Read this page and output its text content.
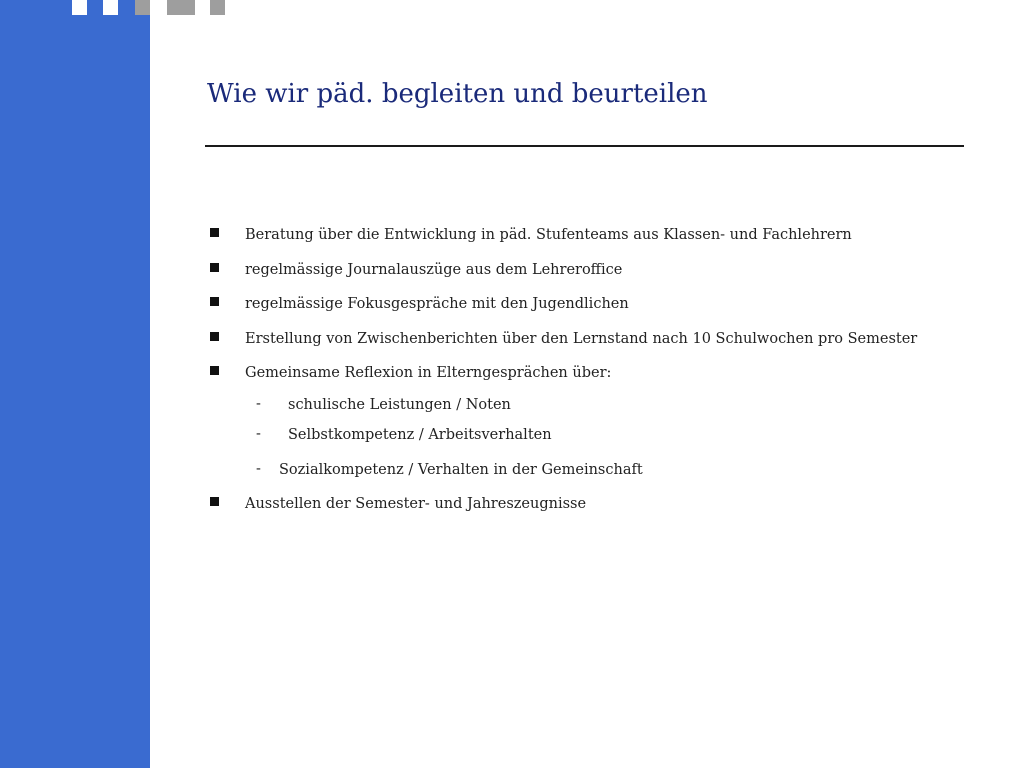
Wie wir päd. begleiten und beurteilen
Beratung über die Entwicklung in päd. Stufenteams aus Klassen- und Fachlehrern
regelmässige Journalauszüge aus dem Lehreroffice
regelmässige Fokusgespräche mit den Jugendlichen
Erstellung von Zwischenberichten über den Lernstand nach 10 Schulwochen pro Semester
Gemeinsame Reflexion in Elterngesprächen über:
- schulische Leistungen / Noten
- Selbstkompetenz / Arbeitsverhalten
- Sozialkompetenz / Verhalten in der Gemeinschaft
Ausstellen der Semester- und Jahreszeugnisse
